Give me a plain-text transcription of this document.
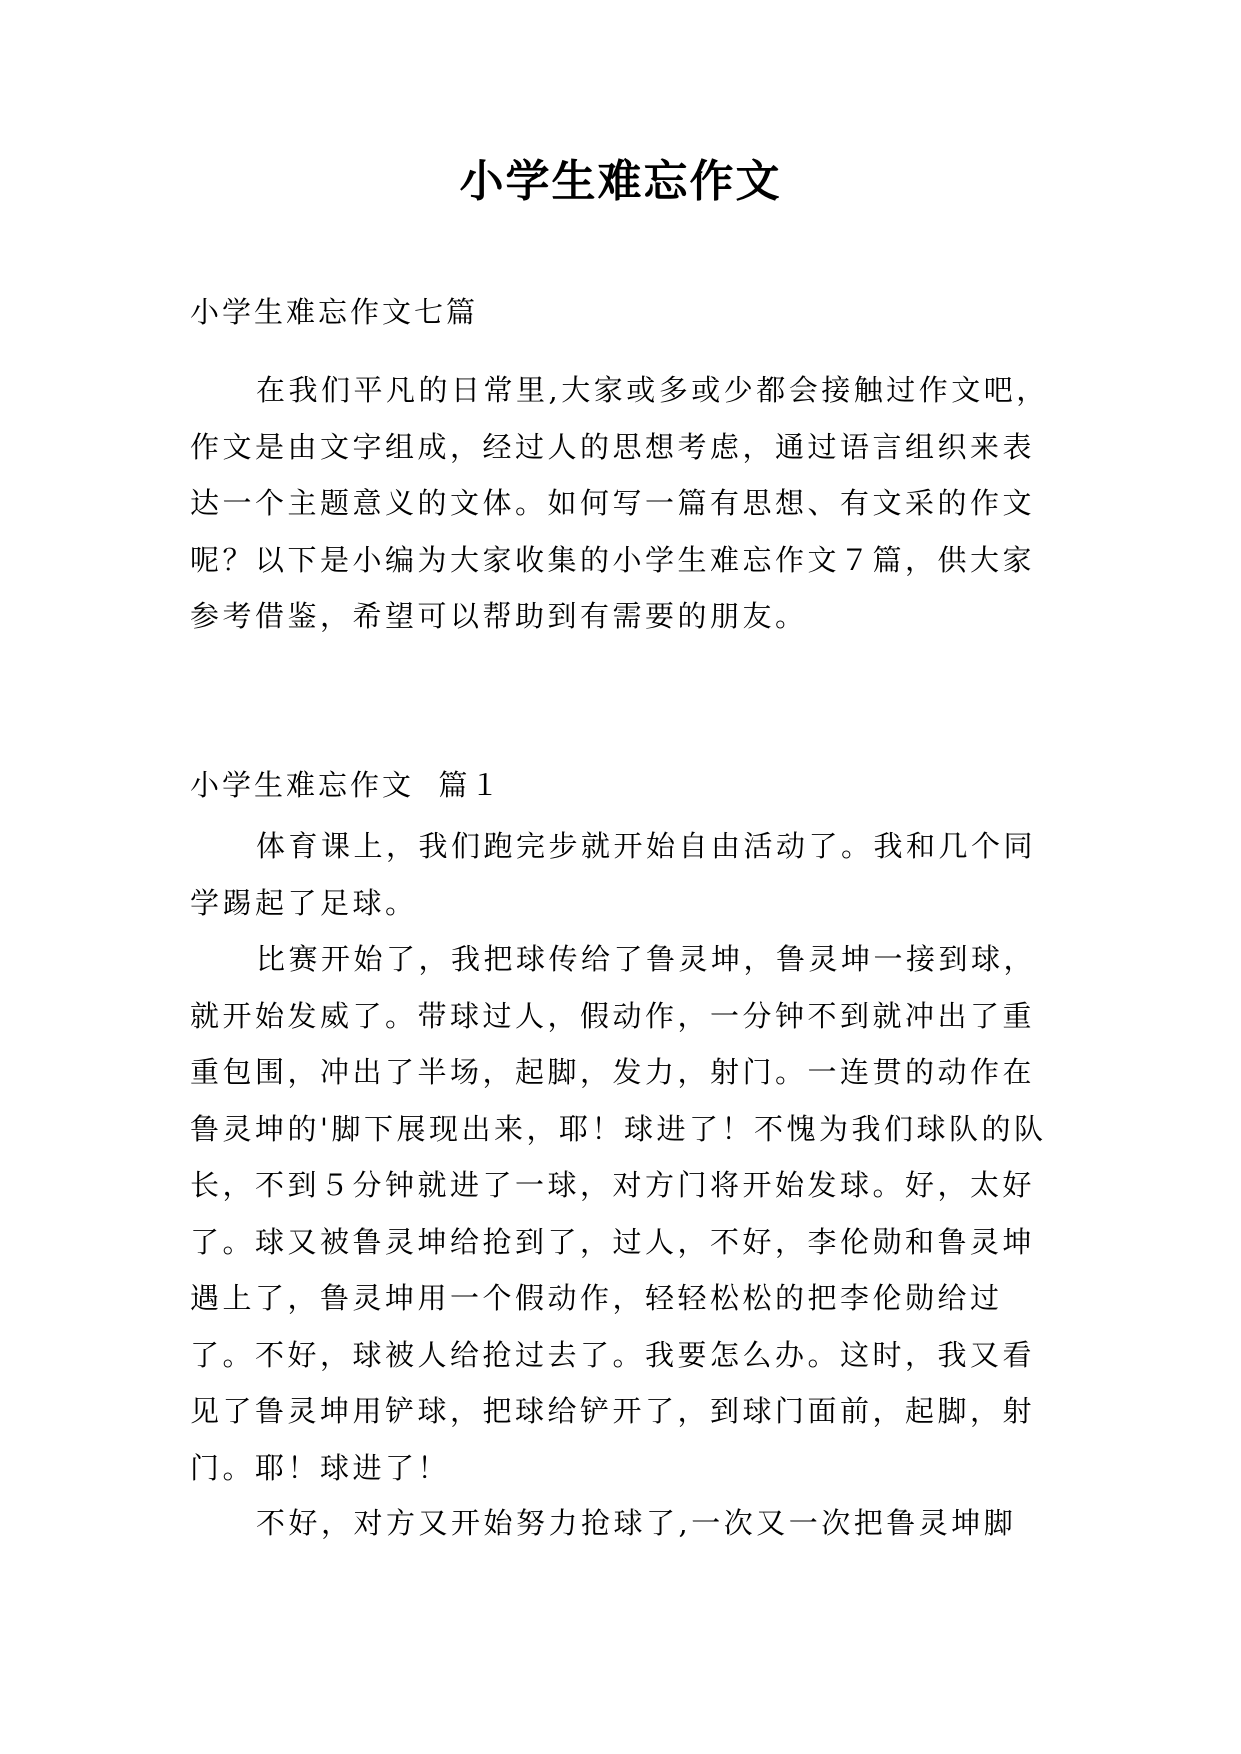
小学生难忘作文
小学生难忘作文七篇

在我们平凡的日常里,大家或多或少都会接触过作文吧，作文是由文字组成，经过人的思想考虑，通过语言组织来表达一个主题意义的文体。如何写一篇有思想、有文采的作文呢？以下是小编为大家收集的小学生难忘作文７篇，供大家参考借鉴，希望可以帮助到有需要的朋友。

小学生难忘作文  篇１

体育课上，我们跑完步就开始自由活动了。我和几个同学踢起了足球。

比赛开始了，我把球传给了鲁灵坤，鲁灵坤一接到球，就开始发威了。带球过人，假动作，一分钟不到就冲出了重重包围，冲出了半场，起脚，发力，射门。一连贯的动作在鲁灵坤的'脚下展现出来，耶！球进了！不愧为我们球队的队长，不到５分钟就进了一球，对方门将开始发球。好，太好了。球又被鲁灵坤给抢到了，过人，不好，李伦勋和鲁灵坤遇上了，鲁灵坤用一个假动作，轻轻松松的把李伦勋给过了。不好，球被人给抢过去了。我要怎么办。这时，我又看见了鲁灵坤用铲球，把球给铲开了，到球门面前，起脚，射门。耶！球进了！

不好，对方又开始努力抢球了,一次又一次把鲁灵坤脚
